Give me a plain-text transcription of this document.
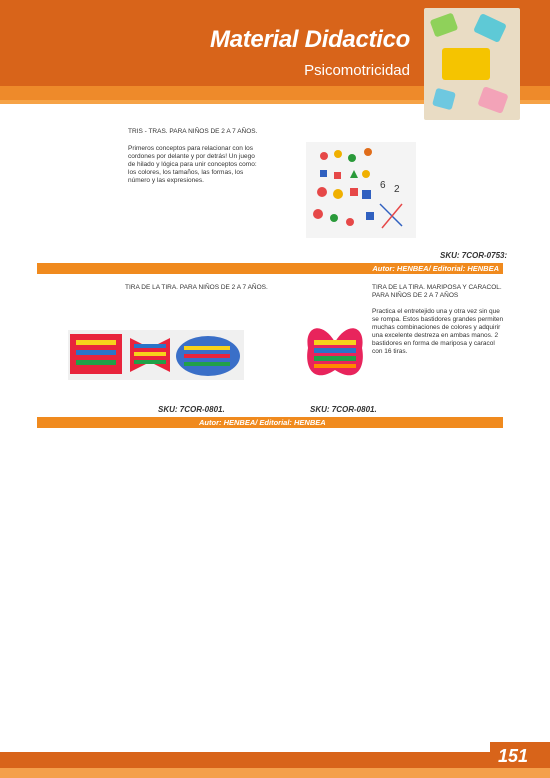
Material Didactico
Psicomotricidad
TRIS - TRAS. PARA NIÑOS DE 2 A 7 AÑOS.
Primeros conceptos para relacionar con los cordones por delante y por detrás! Un juego de hilado y lógica para unir conceptos como: los colores, los tamaños, las formas, los número y las expresiones.	6 2
SKU: 7COR-0753:
Autor: HENBEA/ Editorial: HENBEA
TIRA DE LA TIRA. PARA NIÑOS DE 2 A 7 AÑOS.
SKU: 7COR-0801.
TIRA DE LA TIRA. MARIPOSA Y CARACOL. PARA NIÑOS DE 2 A 7 AÑOS
Practica el entretejido una y otra vez sin que se rompa. Estos bastidores grandes permiten muchas combinaciones de colores y adquirir una excelente destreza en ambas manos. 2 bastidores en forma de mariposa y caracol con 16 tiras.
SKU: 7COR-0801.
Autor: HENBEA/ Editorial: HENBEA
151
